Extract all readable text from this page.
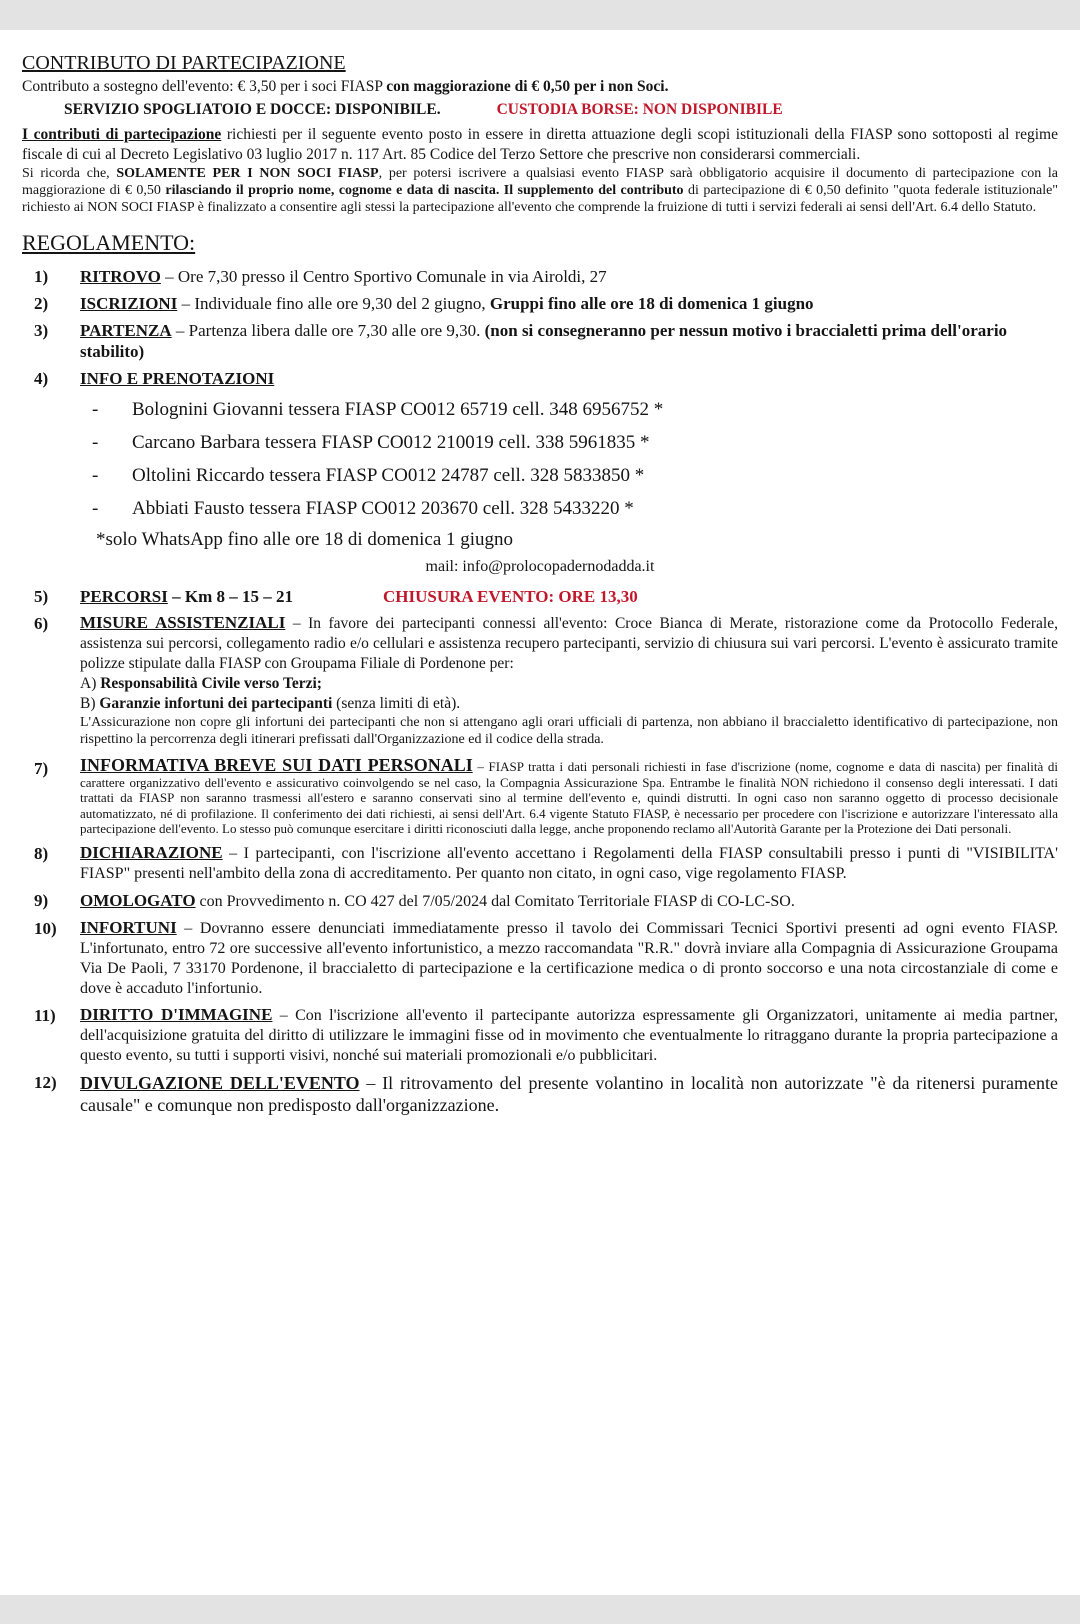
CONTRIBUTO DI PARTECIPAZIONE

Contributo a sostegno dell'evento: € 3,50 per i soci FIASP con maggiorazione di € 0,50 per i non Soci.

SERVIZIO SPOGLIATOIO E DOCCE: DISPONIBILE.	CUSTODIA BORSE: NON DISPONIBILE

I contributi di partecipazione richiesti per il seguente evento posto in essere in diretta attuazione degli scopi istituzionali della FIASP sono sottoposti al regime fiscale di cui al Decreto Legislativo 03 luglio 2017 n. 117 Art. 85 Codice del Terzo Settore che prescrive non considerarsi commerciali.

Si ricorda che, SOLAMENTE PER I NON SOCI FIASP, per potersi iscrivere a qualsiasi evento FIASP sarà obbligatorio acquisire il documento di partecipazione con la maggiorazione di € 0,50 rilasciando il proprio nome, cognome e data di nascita. Il supplemento del contributo di partecipazione di € 0,50 definito "quota federale istituzionale" richiesto ai NON SOCI FIASP è finalizzato a consentire agli stessi la partecipazione all'evento che comprende la fruizione di tutti i servizi federali ai sensi dell'Art. 6.4 dello Statuto.

REGOLAMENTO:
1) RITROVO – Ore 7,30 presso il Centro Sportivo Comunale in via Airoldi, 27
2) ISCRIZIONI – Individuale fino alle ore 9,30 del 2 giugno, Gruppi fino alle ore 18 di domenica 1 giugno
3) PARTENZA – Partenza libera dalle ore 7,30 alle ore 9,30. (non si consegneranno per nessun motivo i braccialetti prima dell'orario stabilito)
4) INFO E PRENOTAZIONI
- Bolognini Giovanni tessera FIASP CO012 65719 cell. 348 6956752 *
- Carcano Barbara tessera FIASP CO012 210019 cell. 338 5961835 *
- Oltolini Riccardo tessera FIASP CO012 24787 cell. 328 5833850 *
- Abbiati Fausto tessera FIASP CO012 203670 cell. 328 5433220 *

*solo WhatsApp fino alle ore 18 di domenica 1 giugno

mail: info@prolocopadernodadda.it

5) PERCORSI – Km 8 – 15 – 21	CHIUSURA EVENTO: ORE 13,30
6) MISURE ASSISTENZIALI – In favore dei partecipanti connessi all'evento: Croce Bianca di Merate, ristorazione come da Protocollo Federale, assistenza sui percorsi, collegamento radio e/o cellulari e assistenza recupero partecipanti, servizio di chiusura sui vari percorsi. L'evento è assicurato tramite polizze stipulate dalla FIASP con Groupama Filiale di Pordenone per:
A) Responsabilità Civile verso Terzi;
B) Garanzie infortuni dei partecipanti (senza limiti di età).
L'Assicurazione non copre gli infortuni dei partecipanti che non si attengano agli orari ufficiali di partenza, non abbiano il braccialetto identificativo di partecipazione, non rispettino la percorrenza degli itinerari prefissati dall'Organizzazione ed il codice della strada.
7) INFORMATIVA BREVE SUI DATI PERSONALI – FIASP tratta i dati personali richiesti in fase d'iscrizione (nome, cognome e data di nascita) per finalità di carattere organizzativo dell'evento e assicurativo coinvolgendo se nel caso, la Compagnia Assicurazione Spa. Entrambe le finalità NON richiedono il consenso degli interessati. I dati trattati da FIASP non saranno trasmessi all'estero e saranno conservati sino al termine dell'evento e, quindi distrutti. In ogni caso non saranno oggetto di processo decisionale automatizzato, né di profilazione. Il conferimento dei dati richiesti, ai sensi dell'Art. 6.4 vigente Statuto FIASP, è necessario per procedere con l'iscrizione e autorizzare l'interessato alla partecipazione dell'evento. Lo stesso può comunque esercitare i diritti riconosciuti dalla legge, anche proponendo reclamo all'Autorità Garante per la Protezione dei Dati personali.
8) DICHIARAZIONE – I partecipanti, con l'iscrizione all'evento accettano i Regolamenti della FIASP consultabili presso i punti di "VISIBILITA' FIASP" presenti nell'ambito della zona di accreditamento. Per quanto non citato, in ogni caso, vige regolamento FIASP.
9) OMOLOGATO con Provvedimento n. CO 427 del 7/05/2024 dal Comitato Territoriale FIASP di CO-LC-SO.
10) INFORTUNI – Dovranno essere denunciati immediatamente presso il tavolo dei Commissari Tecnici Sportivi presenti ad ogni evento FIASP. L'infortunato, entro 72 ore successive all'evento infortunistico, a mezzo raccomandata "R.R." dovrà inviare alla Compagnia di Assicurazione Groupama Via De Paoli, 7 33170 Pordenone, il braccialetto di partecipazione e la certificazione medica o di pronto soccorso e una nota circostanziale di come e dove è accaduto l'infortunio.
11) DIRITTO D'IMMAGINE – Con l'iscrizione all'evento il partecipante autorizza espressamente gli Organizzatori, unitamente ai media partner, dell'acquisizione gratuita del diritto di utilizzare le immagini fisse od in movimento che eventualmente lo ritraggano durante la propria partecipazione a questo evento, su tutti i supporti visivi, nonché sui materiali promozionali e/o pubblicitari.
12) DIVULGAZIONE DELL'EVENTO – Il ritrovamento del presente volantino in località non autorizzate "è da ritenersi puramente causale" e comunque non predisposto dall'organizzazione.
